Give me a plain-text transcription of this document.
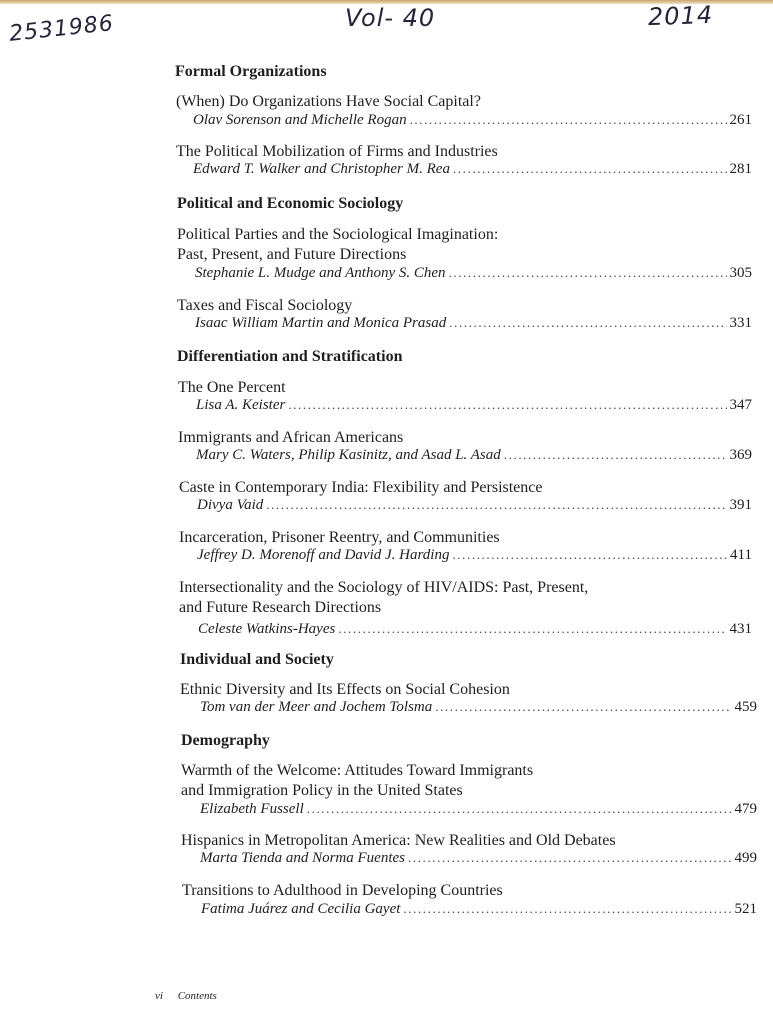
2531986	Vol- 40	2014
Formal Organizations
(When) Do Organizations Have Social Capital?
Olav Sorenson and Michelle Rogan .....	261
The Political Mobilization of Firms and Industries
Edward T. Walker and Christopher M. Rea .....	281
Political and Economic Sociology
Political Parties and the Sociological Imagination:
Past, Present, and Future Directions
Stephanie L. Mudge and Anthony S. Chen .....	305
Taxes and Fiscal Sociology
Isaac William Martin and Monica Prasad .....	331
Differentiation and Stratification
The One Percent
Lisa A. Keister .....	347
Immigrants and African Americans
Mary C. Waters, Philip Kasinitz, and Asad L. Asad .....	369
Caste in Contemporary India: Flexibility and Persistence
Divya Vaid .....	391
Incarceration, Prisoner Reentry, and Communities
Jeffrey D. Morenoff and David J. Harding .....	411
Intersectionality and the Sociology of HIV/AIDS: Past, Present,
and Future Research Directions
Celeste Watkins-Hayes .....	431
Individual and Society
Ethnic Diversity and Its Effects on Social Cohesion
Tom van der Meer and Jochem Tolsma .....	459
Demography
Warmth of the Welcome: Attitudes Toward Immigrants
and Immigration Policy in the United States
Elizabeth Fussell .....	479
Hispanics in Metropolitan America: New Realities and Old Debates
Marta Tienda and Norma Fuentes .....	499
Transitions to Adulthood in Developing Countries
Fatima Juárez and Cecilia Gayet .....	521
vi Contents
